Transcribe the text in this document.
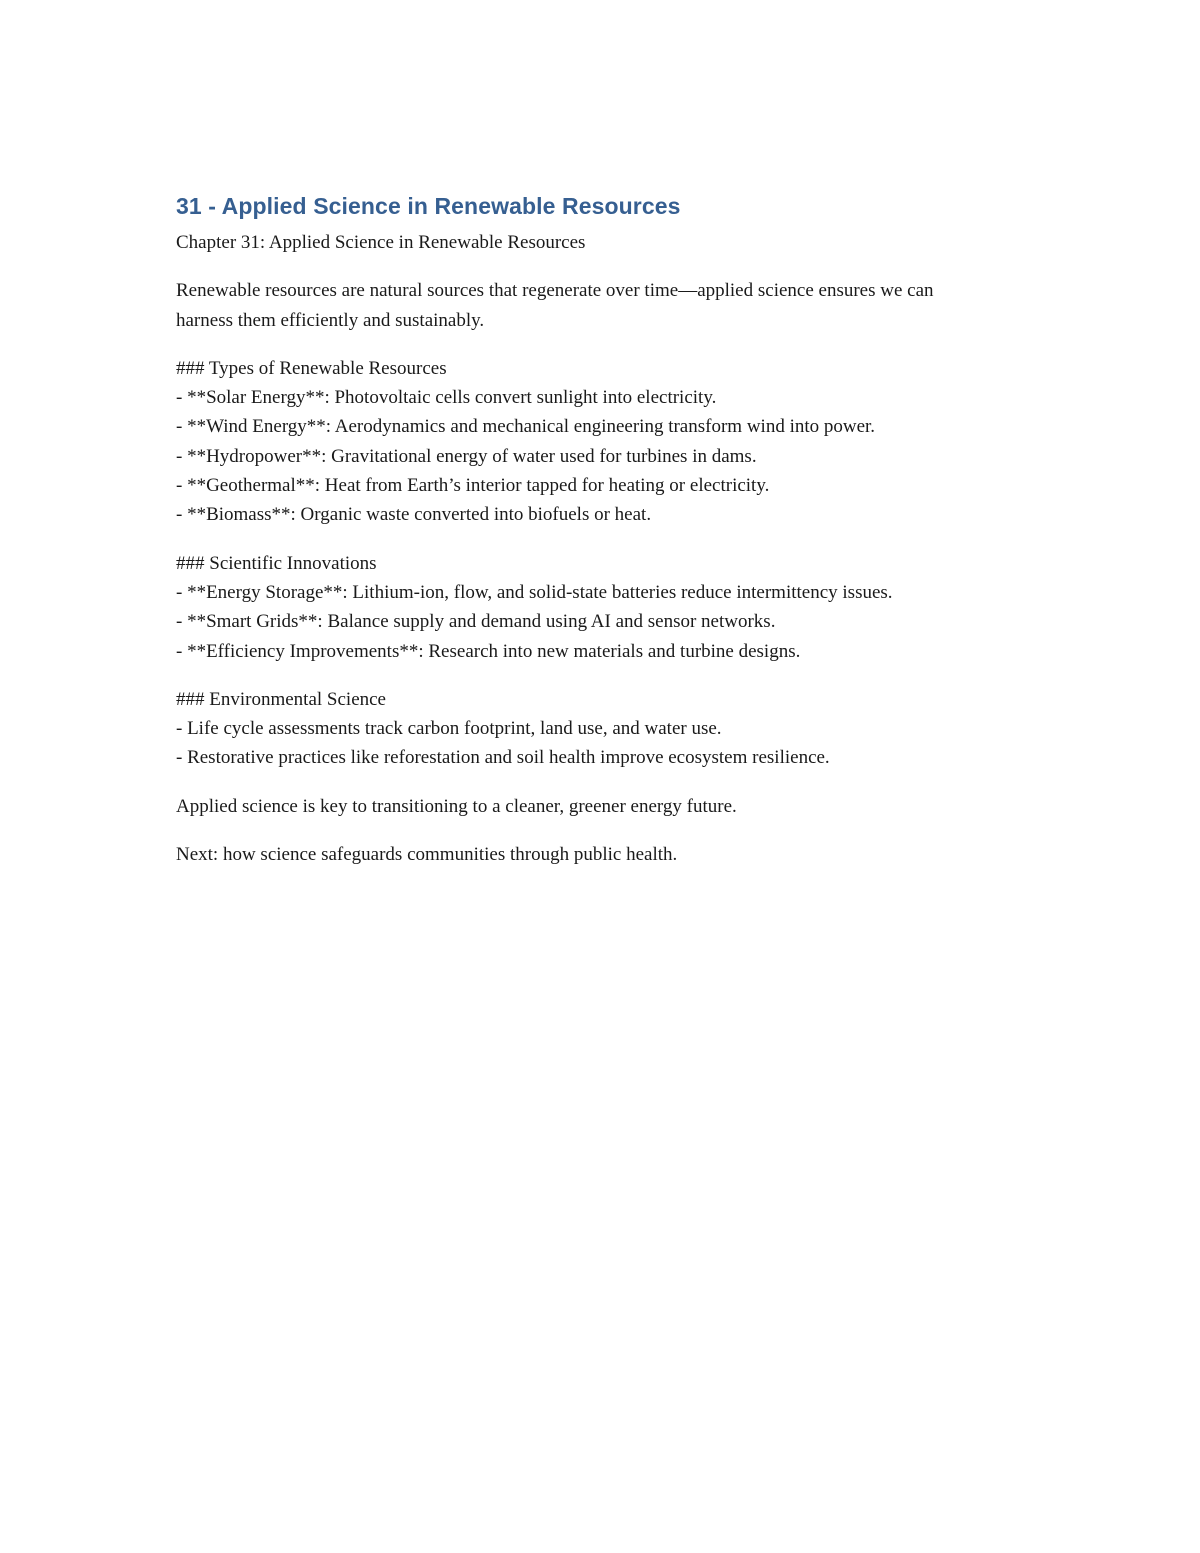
31 - Applied Science in Renewable Resources

Chapter 31: Applied Science in Renewable Resources

Renewable resources are natural sources that regenerate over time—applied science ensures we can harness them efficiently and sustainably.

### Types of Renewable Resources
- **Solar Energy**: Photovoltaic cells convert sunlight into electricity.
- **Wind Energy**: Aerodynamics and mechanical engineering transform wind into power.
- **Hydropower**: Gravitational energy of water used for turbines in dams.
- **Geothermal**: Heat from Earth’s interior tapped for heating or electricity.
- **Biomass**: Organic waste converted into biofuels or heat.
### Scientific Innovations
- **Energy Storage**: Lithium-ion, flow, and solid-state batteries reduce intermittency issues.
- **Smart Grids**: Balance supply and demand using AI and sensor networks.
- **Efficiency Improvements**: Research into new materials and turbine designs.
### Environmental Science
- Life cycle assessments track carbon footprint, land use, and water use.
- Restorative practices like reforestation and soil health improve ecosystem resilience.

Applied science is key to transitioning to a cleaner, greener energy future.

Next: how science safeguards communities through public health.
